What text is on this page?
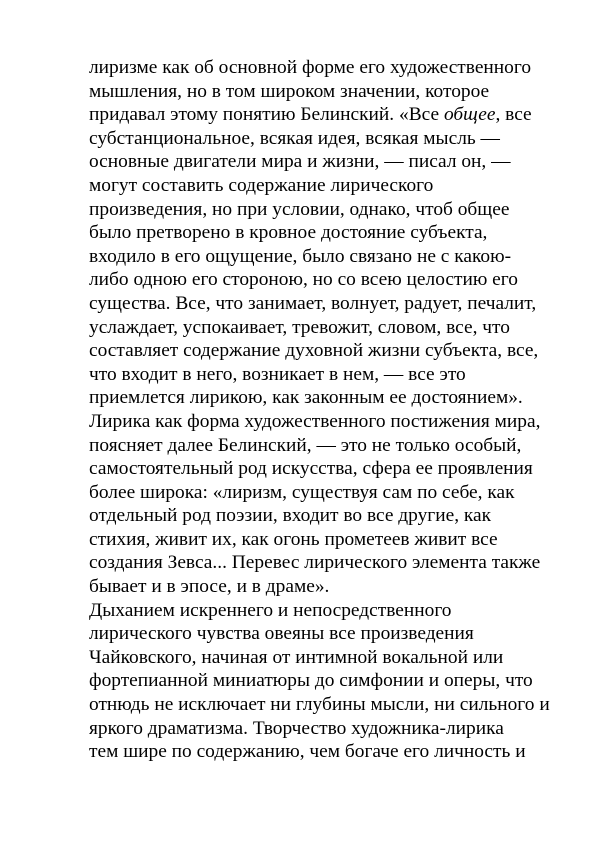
лиризме как об основной форме его художественного
мышления, но в том широком значении, которое
придавал этому понятию Белинский. «Все общее, все
субстанциональное, всякая идея, всякая мысль —
основные двигатели мира и жизни, — писал он, —
могут составить содержание лирического
произведения, но при условии, однако, чтоб общее
было претворено в кровное достояние субъекта,
входило в его ощущение, было связано не с какою-
либо одною его стороною, но со всею целостию его
существа. Все, что занимает, волнует, радует, печалит,
услаждает, успокаивает, тревожит, словом, все, что
составляет содержание духовной жизни субъекта, все,
что входит в него, возникает в нем, — все это
приемлется лирикою, как законным ее достоянием».
Лирика как форма художественного постижения мира,
поясняет далее Белинский, — это не только особый,
самостоятельный род искусства, сфера ее проявления
более широка: «лиризм, существуя сам по себе, как
отдельный род поэзии, входит во все другие, как
стихия, живит их, как огонь прометеев живит все
создания Зевса... Перевес лирического элемента также
бывает и в эпосе, и в драме».
Дыханием искреннего и непосредственного
лирического чувства овеяны все произведения
Чайковского, начиная от интимной вокальной или
фортепианной миниатюры до симфонии и оперы, что
отнюдь не исключает ни глубины мысли, ни сильного и
яркого драматизма. Творчество художника-лирика
тем шире по содержанию, чем богаче его личность и
